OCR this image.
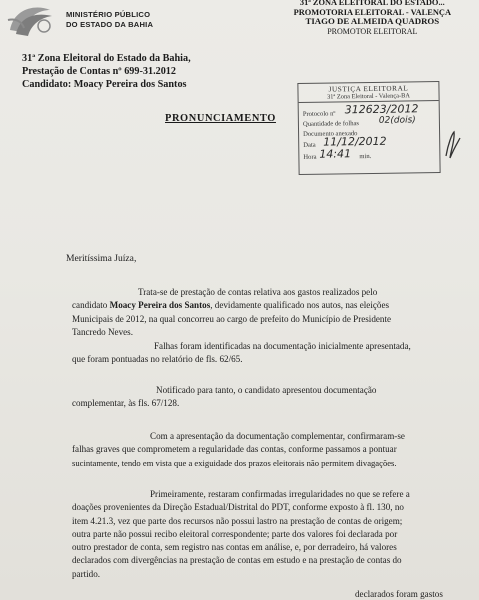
MINISTÉRIO PÚBLICO
DO ESTADO DA BAHIA
31ª ZONA ELEITORAL DO ESTADO...
PROMOTORIA ELEITORAL - VALENÇA
TIAGO DE ALMEIDA QUADROS
PROMOTOR ELEITORAL
31ª Zona Eleitoral do Estado da Bahia,
Prestação de Contas nº 699-31.2012
Candidato: Moacy Pereira dos Santos	JUSTIÇA ELEITORAL
31ª Zona Eleitoral - Valença-BA
Protocolo nº 312623/2012
Quantidade de folhas 02(dois)
Documento anexado
Data 11/12/2012
Hora 14:41 min.
PRONUNCIAMENTO
Meritíssima Juíza,
Trata-se de prestação de contas relativa aos gastos realizados pelo
candidato Moacy Pereira dos Santos, devidamente qualificado nos autos, nas eleições
Municipais de 2012, na qual concorreu ao cargo de prefeito do Município de Presidente
Tancredo Neves.
Falhas foram identificadas na documentação inicialmente apresentada,
que foram pontuadas no relatório de fls. 62/65.
Notificado para tanto, o candidato apresentou documentação
complementar, às fls. 67/128.
Com a apresentação da documentação complementar, confirmaram-se
falhas graves que comprometem a regularidade das contas, conforme passamos a pontuar
sucintamente, tendo em vista que a exiguidade dos prazos eleitorais não permitem divagações.
Primeiramente, restaram confirmadas irregularidades no que se refere a
doações provenientes da Direção Estadual/Distrital do PDT, conforme exposto à fl. 130, no
item 4.21.3, vez que parte dos recursos não possui lastro na prestação de contas de origem;
outra parte não possui recibo eleitoral correspondente; parte dos valores foi declarada por
outro prestador de conta, sem registro nas contas em análise, e, por derradeiro, há valores
declarados com divergências na prestação de contas em estudo e na prestação de contas do
partido.
declarados foram gastos
